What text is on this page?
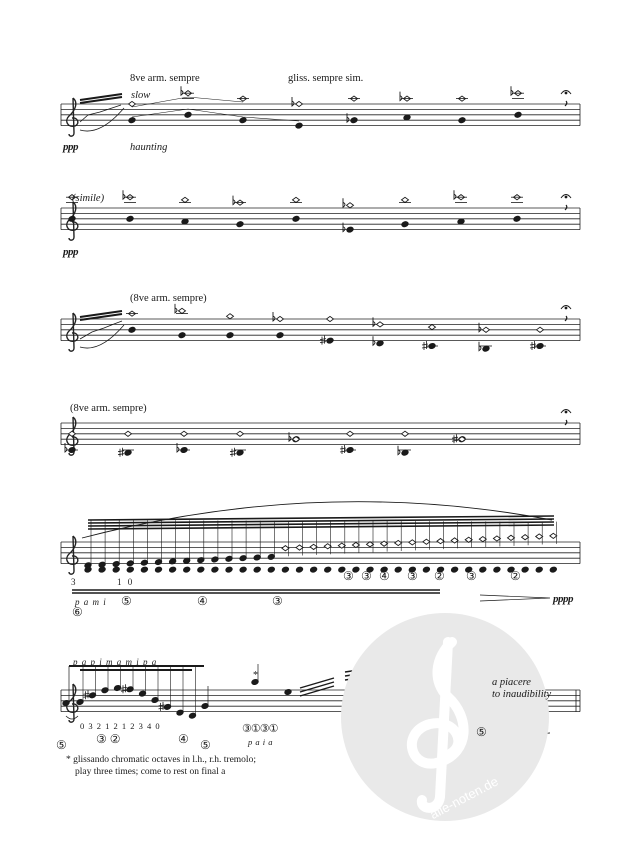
alle-noten.de
8ve arm. sempre	gliss. sempre sim.
slow
ppp	haunting
(simile)
ppp
(8ve arm. sempre)
(8ve arm. sempre)
3	1 0
p a m i
⑥
⑤	④	③
③ ③ ④ ③ ② ③	②
pppp
p a p i m a m i p a
⑤
0 3 2 1 2 1 2 3 4 0
③ ②	④ ⑤
*
③①③①
p a i a
a piacere
to inaudibility
⑤
* glissando chromatic octaves in l.h., r.h. tremolo;
play three times; come to rest on final a
